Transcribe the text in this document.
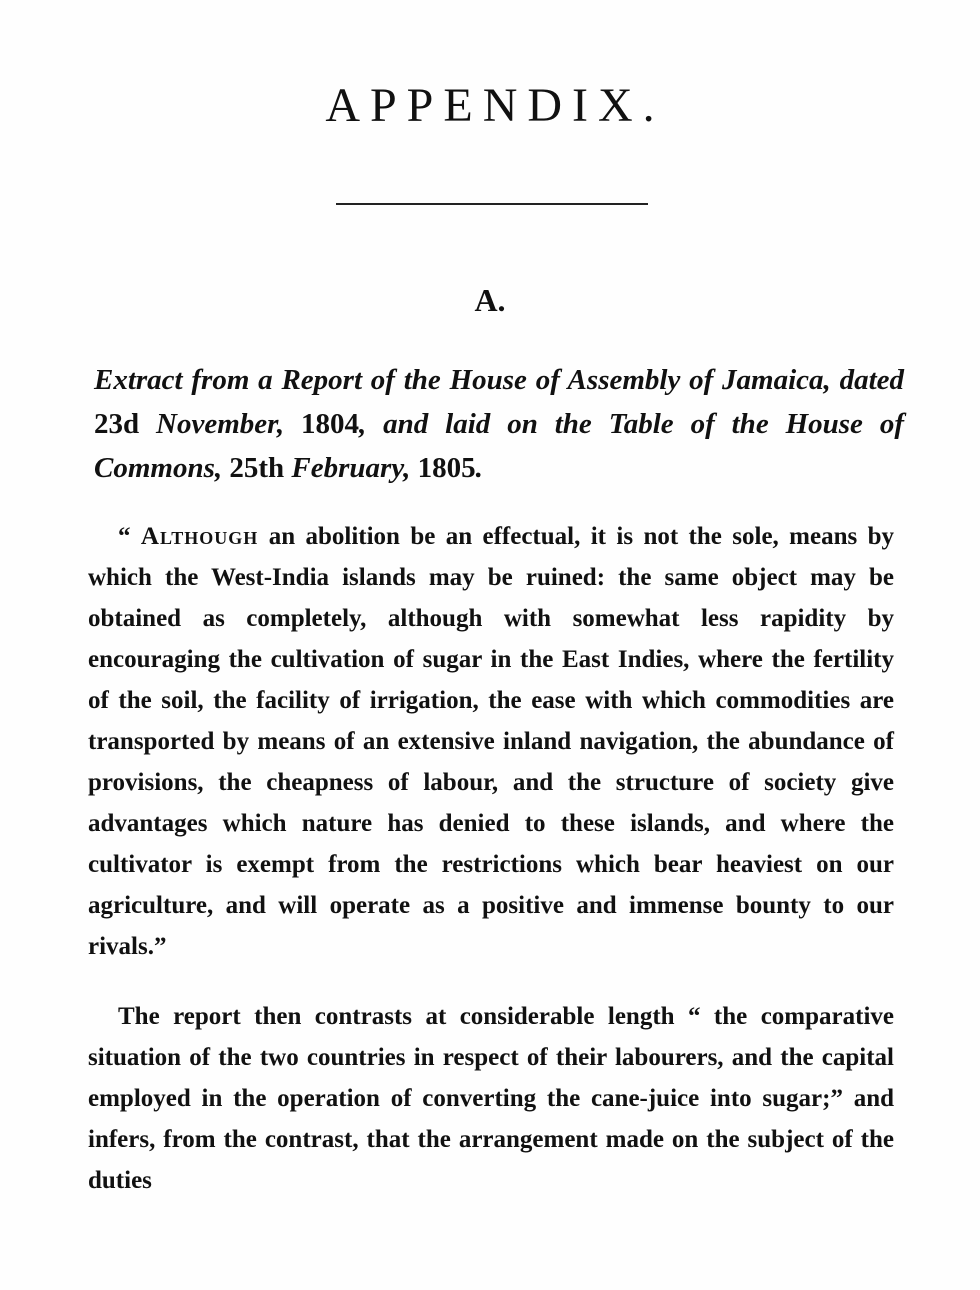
APPENDIX.
A.
Extract from a Report of the House of Assembly of Jamaica, dated 23d November, 1804, and laid on the Table of the House of Commons, 25th February, 1805.

“ Although an abolition be an effectual, it is not the sole, means by which the West-India islands may be ruined: the same object may be obtained as completely, although with somewhat less rapidity by encouraging the cultivation of sugar in the East Indies, where the fertility of the soil, the facility of irrigation, the ease with which commodities are transported by means of an extensive inland navigation, the abundance of provisions, the cheapness of labour, and the structure of society give advantages which nature has denied to these islands, and where the cultivator is exempt from the restrictions which bear heaviest on our agriculture, and will operate as a positive and immense bounty to our rivals.”

The report then contrasts at considerable length “ the comparative situation of the two countries in respect of their labourers, and the capital employed in the operation of converting the cane-juice into sugar;” and infers, from the contrast, that the arrangement made on the subject of the duties
